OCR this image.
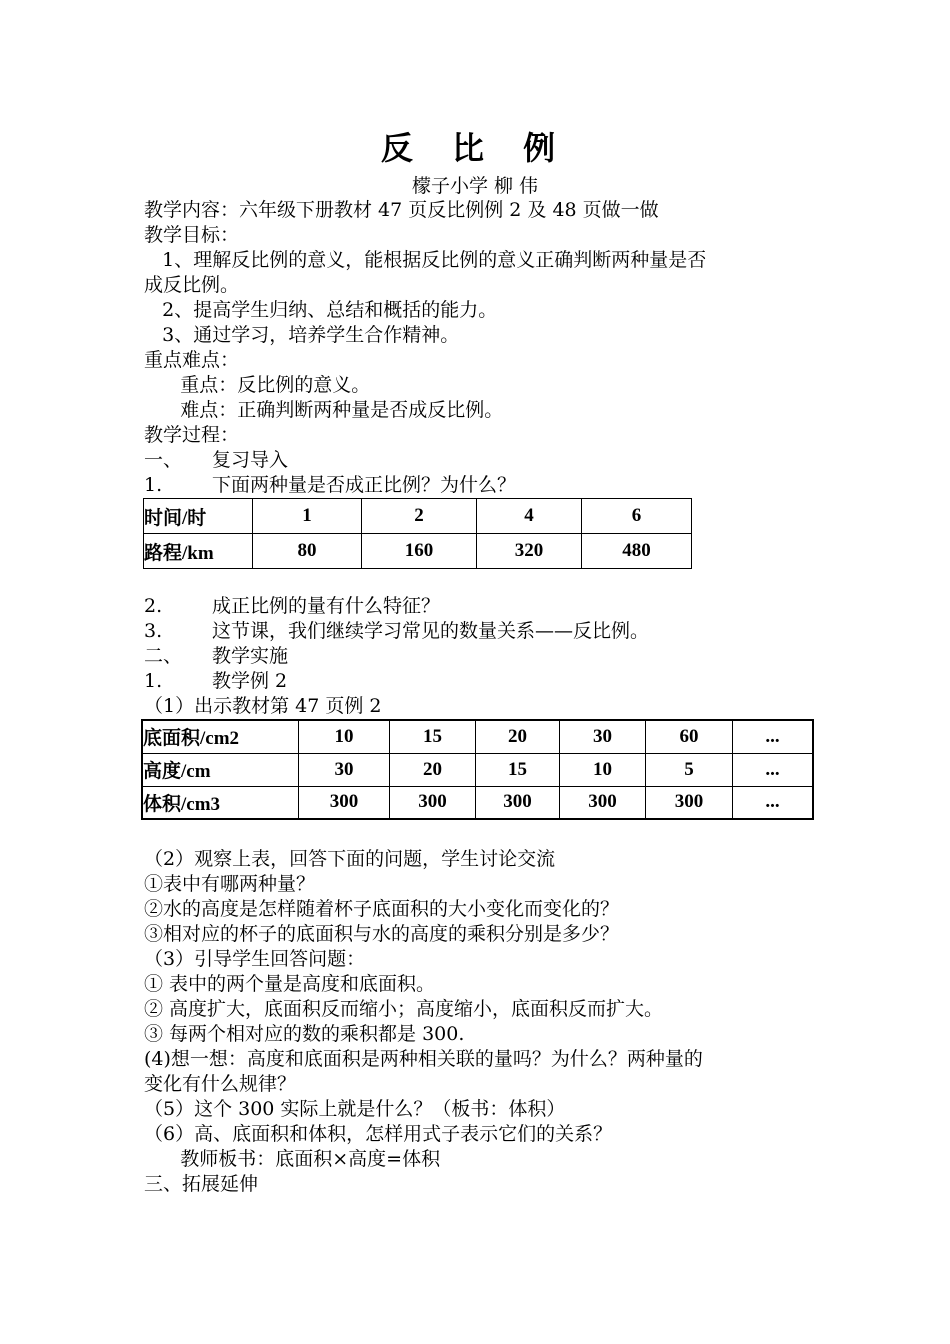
反 比 例
檬子小学 柳 伟
教学内容：六年级下册教材 47 页反比例例 2 及 48 页做一做
教学目标：
1、理解反比例的意义，能根据反比例的意义正确判断两种量是否
成反比例。
2、提高学生归纳、总结和概括的能力。
3、通过学习，培养学生合作精神。
重点难点：
重点：反比例的意义。
难点：正确判断两种量是否成反比例。
教学过程：
一、 复习导入
1.	下面两种量是否成正比例？为什么？
时间/时	1	2	4	6
路程/km	80	160	320	480
2.	成正比例的量有什么特征？
3.	这节课，我们继续学习常见的数量关系——反比例。
二、 教学实施
1.	教学例 2
（1）出示教材第 47 页例 2
底面积/cm2	10	15	20	30	60	...
高度/cm	30	20	15	10	5	...
体积/cm3	300	300	300	300	300	...
（2）观察上表，回答下面的问题，学生讨论交流
①表中有哪两种量？
②水的高度是怎样随着杯子底面积的大小变化而变化的？
③相对应的杯子的底面积与水的高度的乘积分别是多少？
（3）引导学生回答问题：
① 表中的两个量是高度和底面积。
② 高度扩大，底面积反而缩小；高度缩小，底面积反而扩大。
③ 每两个相对应的数的乘积都是 300.
(4)想一想：高度和底面积是两种相关联的量吗？为什么？两种量的
变化有什么规律？
（5）这个 300 实际上就是什么？（板书：体积）
（6）高、底面积和体积，怎样用式子表示它们的关系？
教师板书：底面积×高度=体积
三、拓展延伸
